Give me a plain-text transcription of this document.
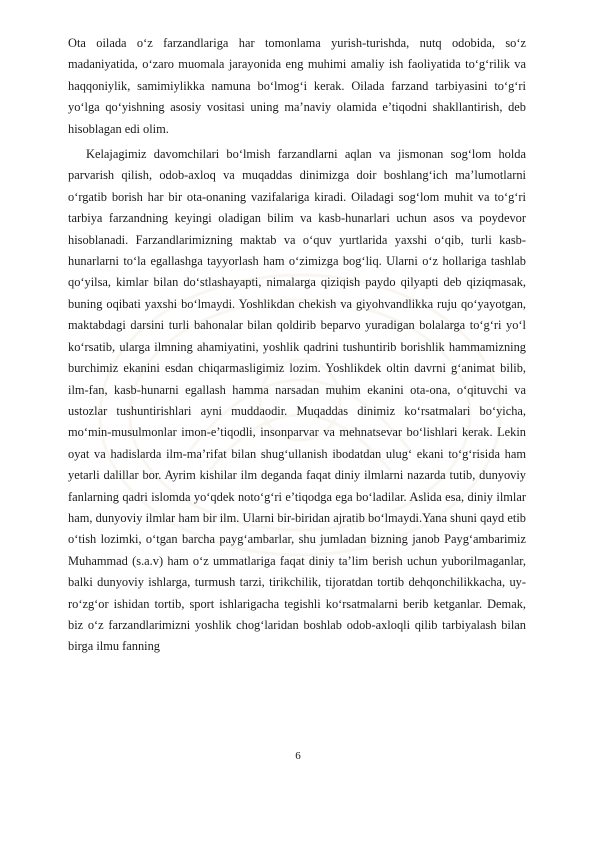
Ota oilada o‘z farzandlariga har tomonlama yurish-turishda, nutq odobida, so‘z madaniyatida, o‘zaro muomala jarayonida eng muhimi amaliy ish faoliyatida to‘g‘rilik va haqqoniylik, samimiylikka namuna bo‘lmog‘i kerak. Oilada farzand tarbiyasini to‘g‘ri yo‘lga qo‘yishning asosiy vositasi uning ma’naviy olamida e’tiqodni shakllantirish, deb hisoblagan edi olim.

Kelajagimiz davomchilari bo‘lmish farzandlarni aqlan va jismonan sog‘lom holda parvarish qilish, odob-axloq va muqaddas dinimizga doir boshlang‘ich ma’lumotlarni o‘rgatib borish har bir ota-onaning vazifalariga kiradi. Oiladagi sog‘lom muhit va to‘g‘ri tarbiya farzandning keyingi oladigan bilim va kasb-hunarlari uchun asos va poydevor hisoblanadi. Farzandlarimizning maktab va o‘quv yurtlarida yaxshi o‘qib, turli kasb-hunarlarni to‘la egallashga tayyorlash ham o‘zimizga bog‘liq. Ularni o‘z hollariga tashlab qo‘yilsa, kimlar bilan do‘stlashayapti, nimalarga qiziqish paydo qilyapti deb qiziqmasak, buning oqibati yaxshi bo‘lmaydi. Yoshlikdan chekish va giyohvandlikka ruju qo‘yayotgan, maktabdagi darsini turli bahonalar bilan qoldirib beparvo yuradigan bolalarga to‘g‘ri yo‘l ko‘rsatib, ularga ilmning ahamiyatini, yoshlik qadrini tushuntirib borishlik hammamizning burchimiz ekanini esdan chiqarmasligimiz lozim. Yoshlikdek oltin davrni g‘animat bilib, ilm-fan, kasb-hunarni egallash hamma narsadan muhim ekanini ota-ona, o‘qituvchi va ustozlar tushuntirishlari ayni muddaodir. Muqaddas dinimiz ko‘rsatmalari bo‘yicha, mo‘min-musulmonlar imon-e’tiqodli, insonparvar va mehnatsevar bo‘lishlari kerak. Lekin oyat va hadislarda ilm-ma’rifat bilan shug‘ullanish ibodatdan ulug‘ ekani to‘g‘risida ham yetarli dalillar bor. Ayrim kishilar ilm deganda faqat diniy ilmlarni nazarda tutib, dunyoviy fanlarning qadri islomda yo‘qdek noto‘g‘ri e’tiqodga ega bo‘ladilar. Aslida esa, diniy ilmlar ham, dunyoviy ilmlar ham bir ilm. Ularni bir-biridan ajratib bo‘lmaydi.Yana shuni qayd etib o‘tish lozimki, o‘tgan barcha payg‘ambarlar, shu jumladan bizning janob Payg‘ambarimiz Muhammad (s.a.v) ham o‘z ummatlariga faqat diniy ta’lim berish uchun yuborilmaganlar, balki dunyoviy ishlarga, turmush tarzi, tirikchilik, tijoratdan tortib dehqonchilikkacha, uy-ro‘zg‘or ishidan tortib, sport ishlarigacha tegishli ko‘rsatmalarni berib ketganlar. Demak, biz o‘z farzandlarimizni yoshlik chog‘laridan boshlab odob-axloqli qilib tarbiyalash bilan birga ilmu fanning

6
